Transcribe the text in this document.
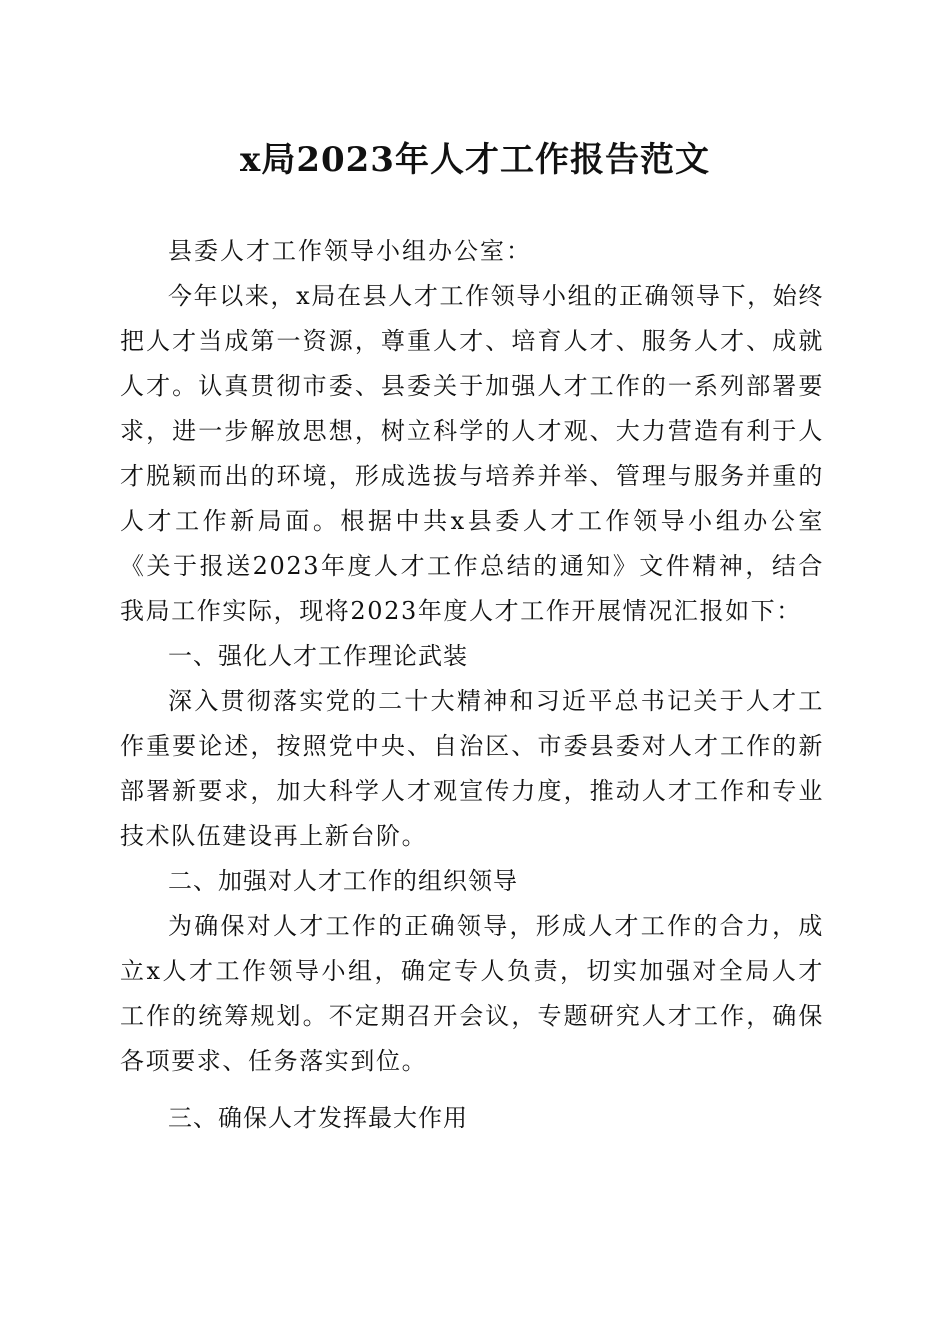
x局2023年人才工作报告范文

县委人才工作领导小组办公室：

今年以来，x局在县人才工作领导小组的正确领导下，始终把人才当成第一资源，尊重人才、培育人才、服务人才、成就人才。认真贯彻市委、县委关于加强人才工作的一系列部署要求，进一步解放思想，树立科学的人才观、大力营造有利于人才脱颖而出的环境，形成选拔与培养并举、管理与服务并重的人才工作新局面。根据中共x县委人才工作领导小组办公室《关于报送2023年度人才工作总结的通知》文件精神，结合我局工作实际，现将2023年度人才工作开展情况汇报如下：

一、强化人才工作理论武装

深入贯彻落实党的二十大精神和习近平总书记关于人才工作重要论述，按照党中央、自治区、市委县委对人才工作的新部署新要求，加大科学人才观宣传力度，推动人才工作和专业技术队伍建设再上新台阶。

二、加强对人才工作的组织领导

为确保对人才工作的正确领导，形成人才工作的合力，成立x人才工作领导小组，确定专人负责，切实加强对全局人才工作的统筹规划。不定期召开会议，专题研究人才工作，确保各项要求、任务落实到位。

三、确保人才发挥最大作用
